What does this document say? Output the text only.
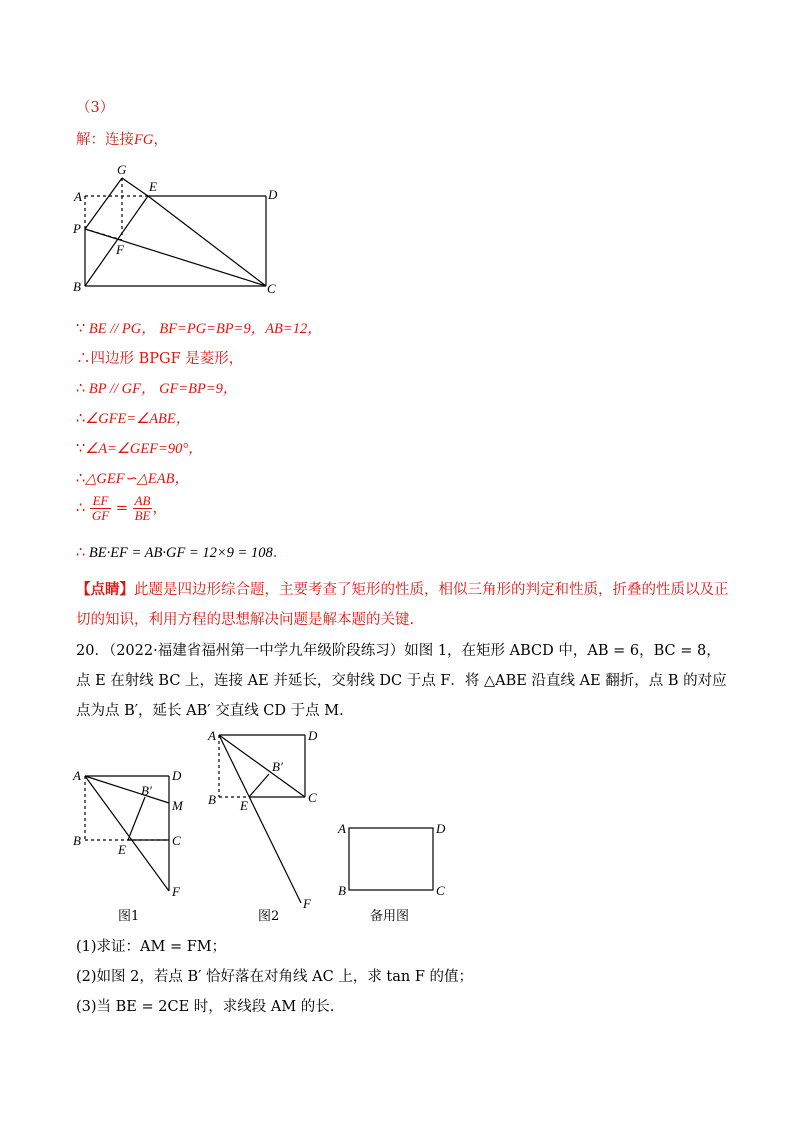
（3）
解：连接FG，
A
G
E
D
P
F
B	C
∵ BE // PG， BF=PG=BP=9，AB=12，
∴四边形 BPGF 是菱形，
∴ BP // GF， GF=BP=9，
∴∠GFE=∠ABE，
∵∠A=∠GEF=90°，
∴△GEF∽△EAB，
∴ $\frac{EF}{GF} = \frac{AB}{BE}$ ，
∴ BE·EF = AB·GF = 12×9 = 108.
【点睛】此题是四边形综合题，主要考查了矩形的性质，相似三角形的判定和性质，折叠的性质以及正切的知识，利用方程的思想解决问题是解本题的关键.
20．（2022·福建省福州第一中学九年级阶段练习）如图 1，在矩形 ABCD 中，AB = 6，BC = 8，点 E 在射线 BC 上，连接 AE 并延长，交射线 DC 于点 F．将 △ABE 沿直线 AE 翻折，点 B 的对应点为点 B′，延长 AB′ 交直线 CD 于点 M.
A	D
B′
M
B	C
E
F
图1
A	D
B′
B	C
E
F
图2
A	D
B	C
备用图
(1)求证：AM = FM；
(2)如图 2，若点 B′ 恰好落在对角线 AC 上，求 tan F 的值；
(3)当 BE = 2CE 时，求线段 AM 的长.
